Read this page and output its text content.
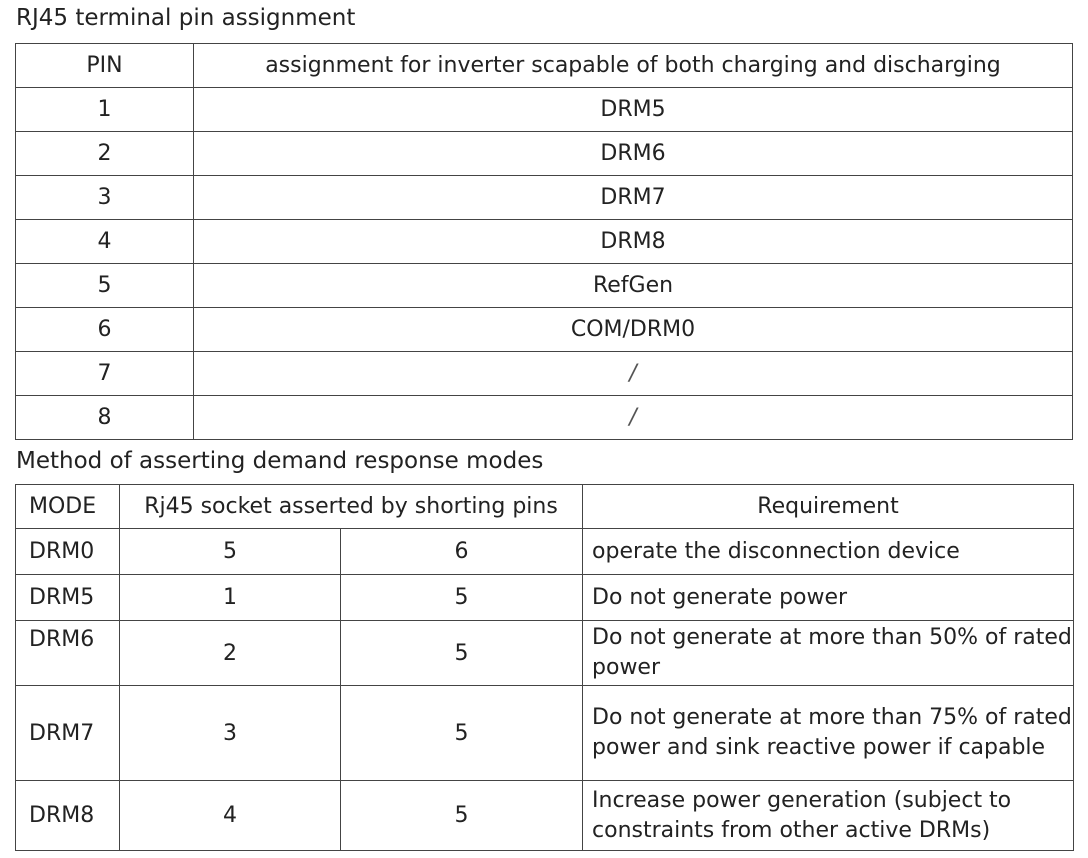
RJ45 terminal pin assignment
PIN	assignment for inverter scapable of both charging and discharging
1	DRM5
2	DRM6
3	DRM7
4	DRM8
5	RefGen
6	COM/DRM0
7	/
8	/
Method of asserting demand response modes
MODE	Rj45 socket asserted by shorting pins		Requirement
DRM0	5	6	operate the disconnection device
DRM5	1	5	Do not generate power
DRM6	2	5	Do not generate at more than 50% of rated power
DRM7	3	5	Do not generate at more than 75% of rated power and sink reactive power if capable
DRM8	4	5	Increase power generation (subject to constraints from other active DRMs)
